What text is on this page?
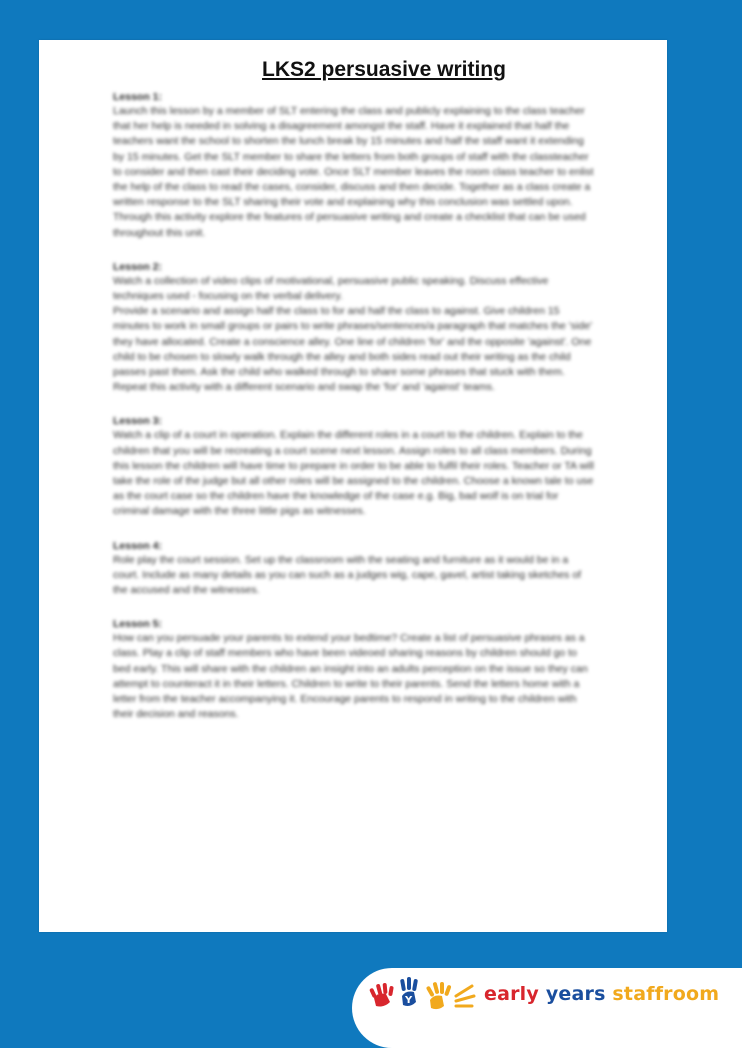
LKS2 persuasive writing

Lesson 1:

Launch this lesson by a member of SLT entering the class and publicly explaining to the class teacher that her help is needed in solving a disagreement amongst the staff. Have it explained that half the teachers want the school to shorten the lunch break by 15 minutes and half the staff want it extending by 15 minutes. Get the SLT member to share the letters from both groups of staff with the classteacher to consider and then cast their deciding vote. Once SLT member leaves the room class teacher to enlist the help of the class to read the cases, consider, discuss and then decide. Together as a class create a written response to the SLT sharing their vote and explaining why this conclusion was settled upon. Through this activity explore the features of persuasive writing and create a checklist that can be used throughout this unit.

Lesson 2:

Watch a collection of video clips of motivational, persuasive public speaking. Discuss effective techniques used - focusing on the verbal delivery.
Provide a scenario and assign half the class to for and half the class to against. Give children 15 minutes to work in small groups or pairs to write phrases/sentences/a paragraph that matches the 'side' they have allocated. Create a conscience alley. One line of children 'for' and the opposite 'against'. One child to be chosen to slowly walk through the alley and both sides read out their writing as the child passes past them. Ask the child who walked through to share some phrases that stuck with them. Repeat this activity with a different scenario and swap the 'for' and 'against' teams.

Lesson 3:

Watch a clip of a court in operation. Explain the different roles in a court to the children. Explain to the children that you will be recreating a court scene next lesson. Assign roles to all class members. During this lesson the children will have time to prepare in order to be able to fulfil their roles. Teacher or TA will take the role of the judge but all other roles will be assigned to the children. Choose a known tale to use as the court case so the children have the knowledge of the case e.g. Big, bad wolf is on trial for criminal damage with the three little pigs as witnesses.

Lesson 4:

Role play the court session. Set up the classroom with the seating and furniture as it would be in a court. Include as many details as you can such as a judges wig, cape, gavel, artist taking sketches of the accused and the witnesses.

Lesson 5:

How can you persuade your parents to extend your bedtime? Create a list of persuasive phrases as a class. Play a clip of staff members who have been videoed sharing reasons by children should go to bed early. This will share with the children an insight into an adults perception on the issue so they can attempt to counteract it in their letters. Children to write to their parents. Send the letters home with a letter from the teacher accompanying it. Encourage parents to respond in writing to the children with their decision and reasons.

Y	early years staffroom
